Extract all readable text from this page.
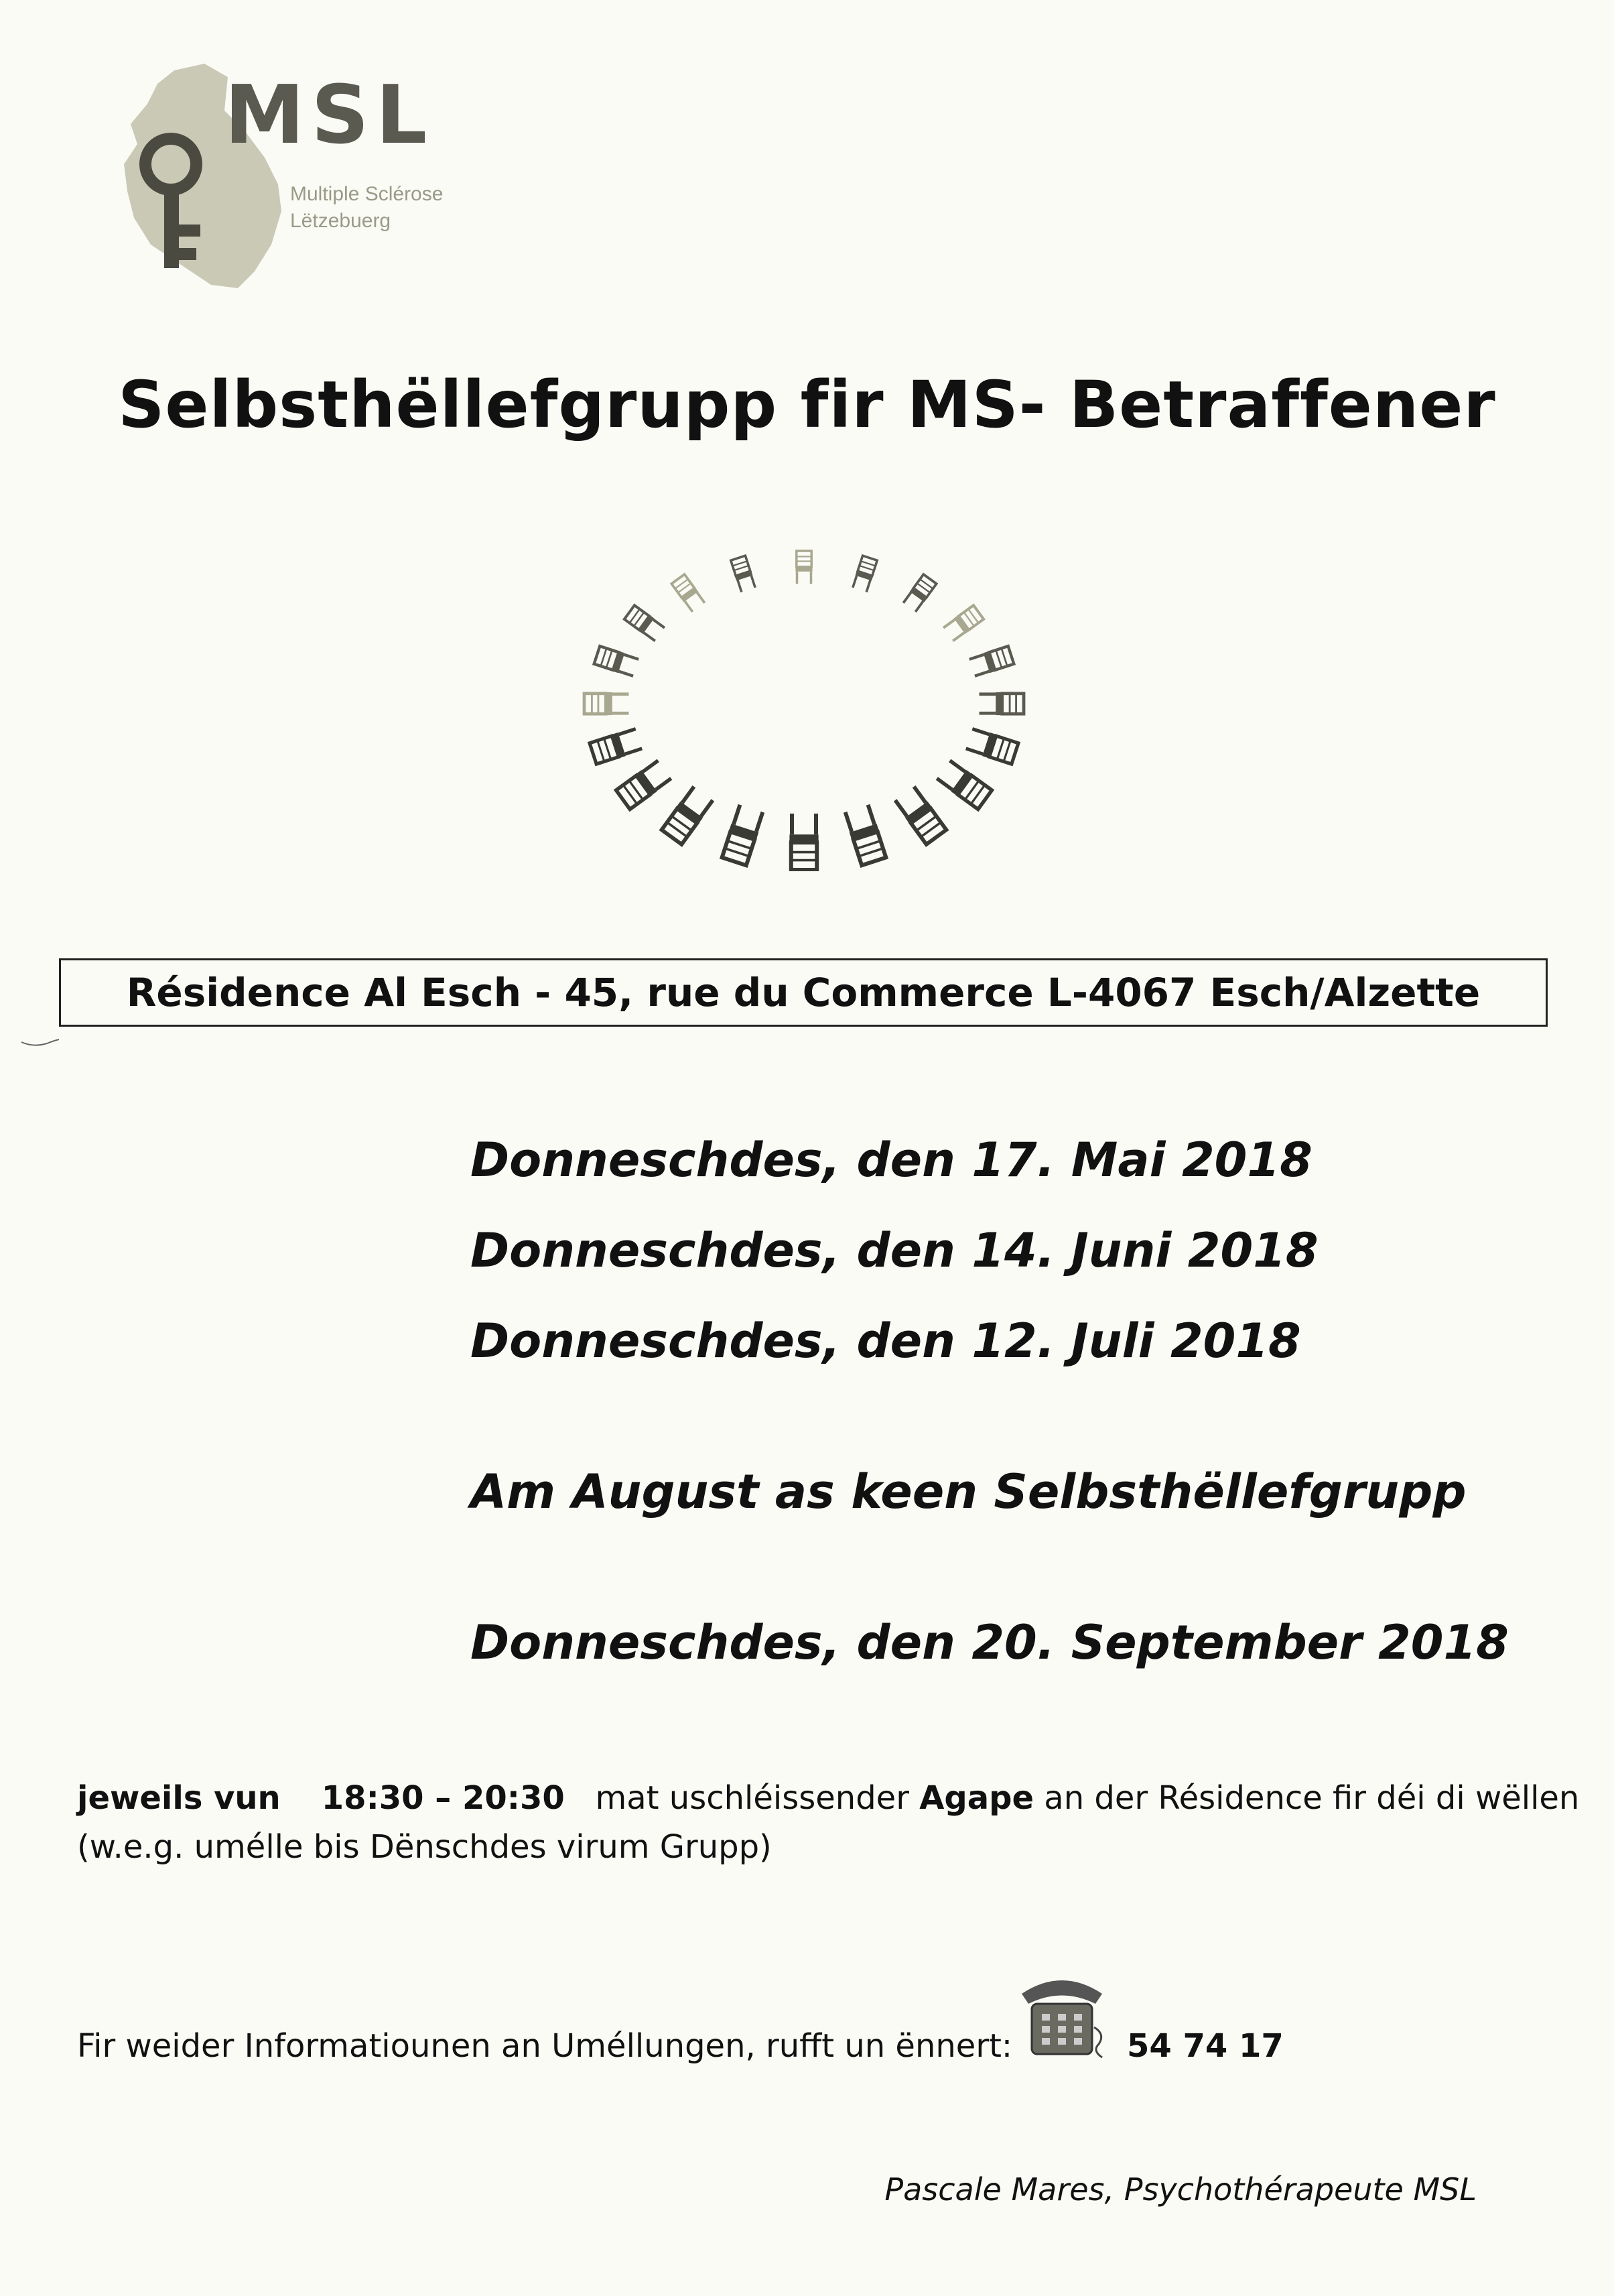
MSL
Multiple Sclérose
Lëtzebuerg
Selbsthëllefgrupp fir MS- Betraffener
Résidence Al Esch - 45, rue du Commerce L-4067 Esch/Alzette
Donneschdes, den 17. Mai 2018
Donneschdes, den 14. Juni 2018
Donneschdes, den 12. Juli 2018
Am August as keen Selbsthëllefgrupp
Donneschdes, den 20. September 2018
jeweils vun 18:30 – 20:30 mat uschléissender Agape an der Résidence fir déi di wëllen
(w.e.g. umélle bis Dënschdes virum Grupp)
Fir weider Informatiounen an Uméllungen, rufft un ënnert:	54 74 17
Pascale Mares, Psychothérapeute MSL
